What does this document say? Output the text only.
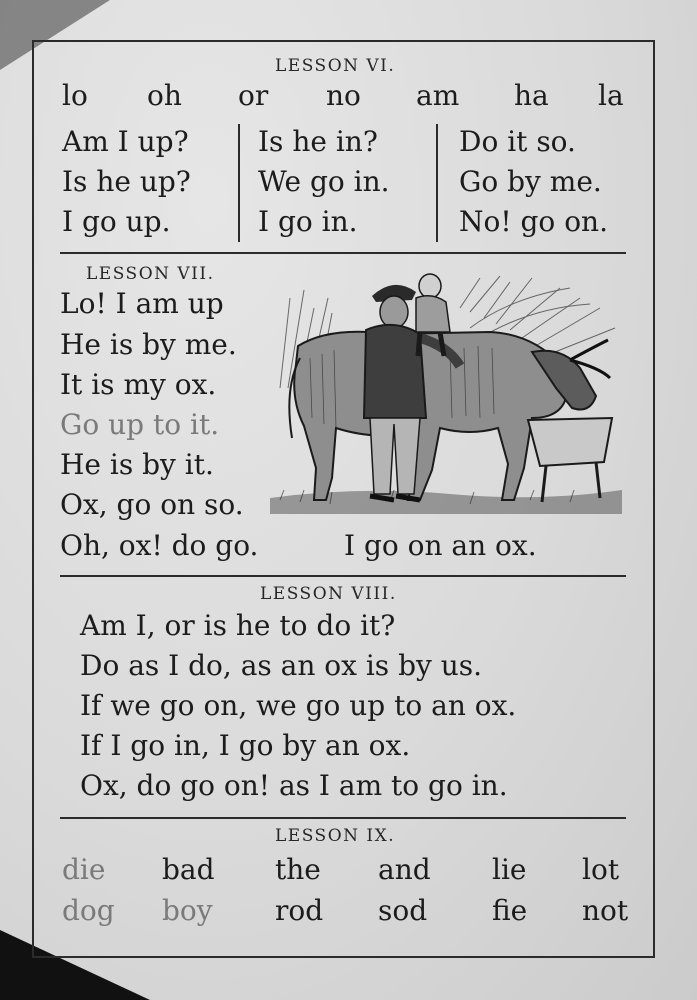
LESSON VI.
lo oh or no am ha la
Am I up?
Is he up?
I go up.
Is he in?
We go in.
I go in.
Do it so.
Go by me.
No! go on.
LESSON VII.
Lo! I am up
He is by me.
It is my ox.
Go up to it.
He is by it.
Ox, go on so.
Oh, ox! do go.	I go on an ox.
LESSON VIII.
Am I, or is he to do it?
Do as I do, as an ox is by us.
If we go on, we go up to an ox.
If I go in, I go by an ox.
Ox, do go on! as I am to go in.
LESSON IX.
die bad the and lie lot
dog boy rod sod fie not
